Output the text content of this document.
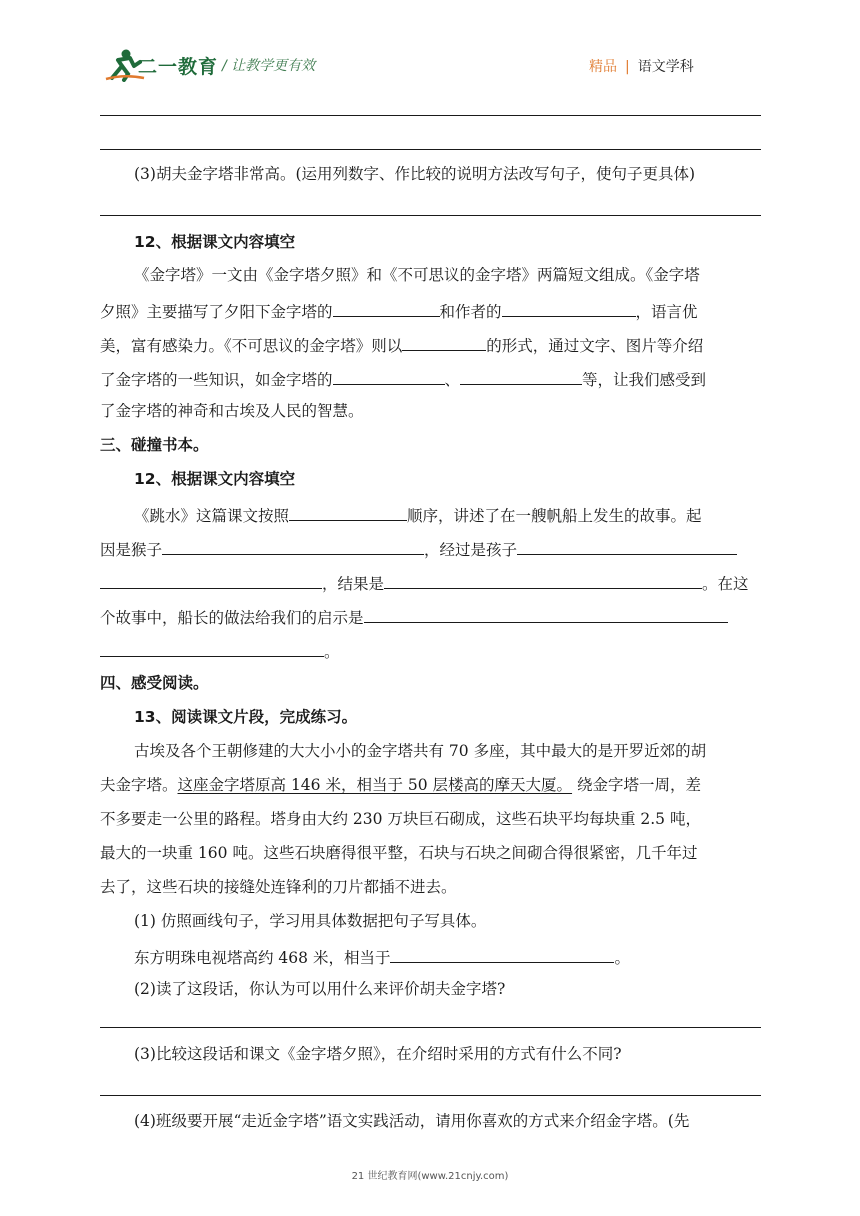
二一教育 / 让教学更有效	精品 | 语文学科
(3)胡夫金字塔非常高。(运用列数字、作比较的说明方法改写句子，使句子更具体)
12、根据课文内容填空
《金字塔》一文由《金字塔夕照》和《不可思议的金字塔》两篇短文组成。《金字塔
夕照》主要描写了夕阳下金字塔的	和作者的	，语言优
美，富有感染力。《不可思议的金字塔》则以	的形式，通过文字、图片等介绍
了金字塔的一些知识，如金字塔的	、	等，让我们感受到
了金字塔的神奇和古埃及人民的智慧。
三、碰撞书本。
12、根据课文内容填空
《跳水》这篇课文按照	顺序，讲述了在一艘帆船上发生的故事。起
因是猴子	，经过是孩子
，结果是	。在这
个故事中，船长的做法给我们的启示是
。
四、感受阅读。
13、阅读课文片段，完成练习。
古埃及各个王朝修建的大大小小的金字塔共有 70 多座，其中最大的是开罗近郊的胡
夫金字塔。这座金字塔原高 146 米，相当于 50 层楼高的摩天大厦。 绕金字塔一周，差
不多要走一公里的路程。塔身由大约 230 万块巨石砌成，这些石块平均每块重 2.5 吨，
最大的一块重 160 吨。这些石块磨得很平整，石块与石块之间砌合得很紧密，几千年过
去了，这些石块的接缝处连锋利的刀片都插不进去。
(1) 仿照画线句子，学习用具体数据把句子写具体。
东方明珠电视塔高约 468 米，相当于	。
(2)读了这段话，你认为可以用什么来评价胡夫金字塔?
(3)比较这段话和课文《金字塔夕照》，在介绍时采用的方式有什么不同?
(4)班级要开展“走近金字塔”语文实践活动，请用你喜欢的方式来介绍金字塔。(先
21 世纪教育网(www.21cnjy.com)
